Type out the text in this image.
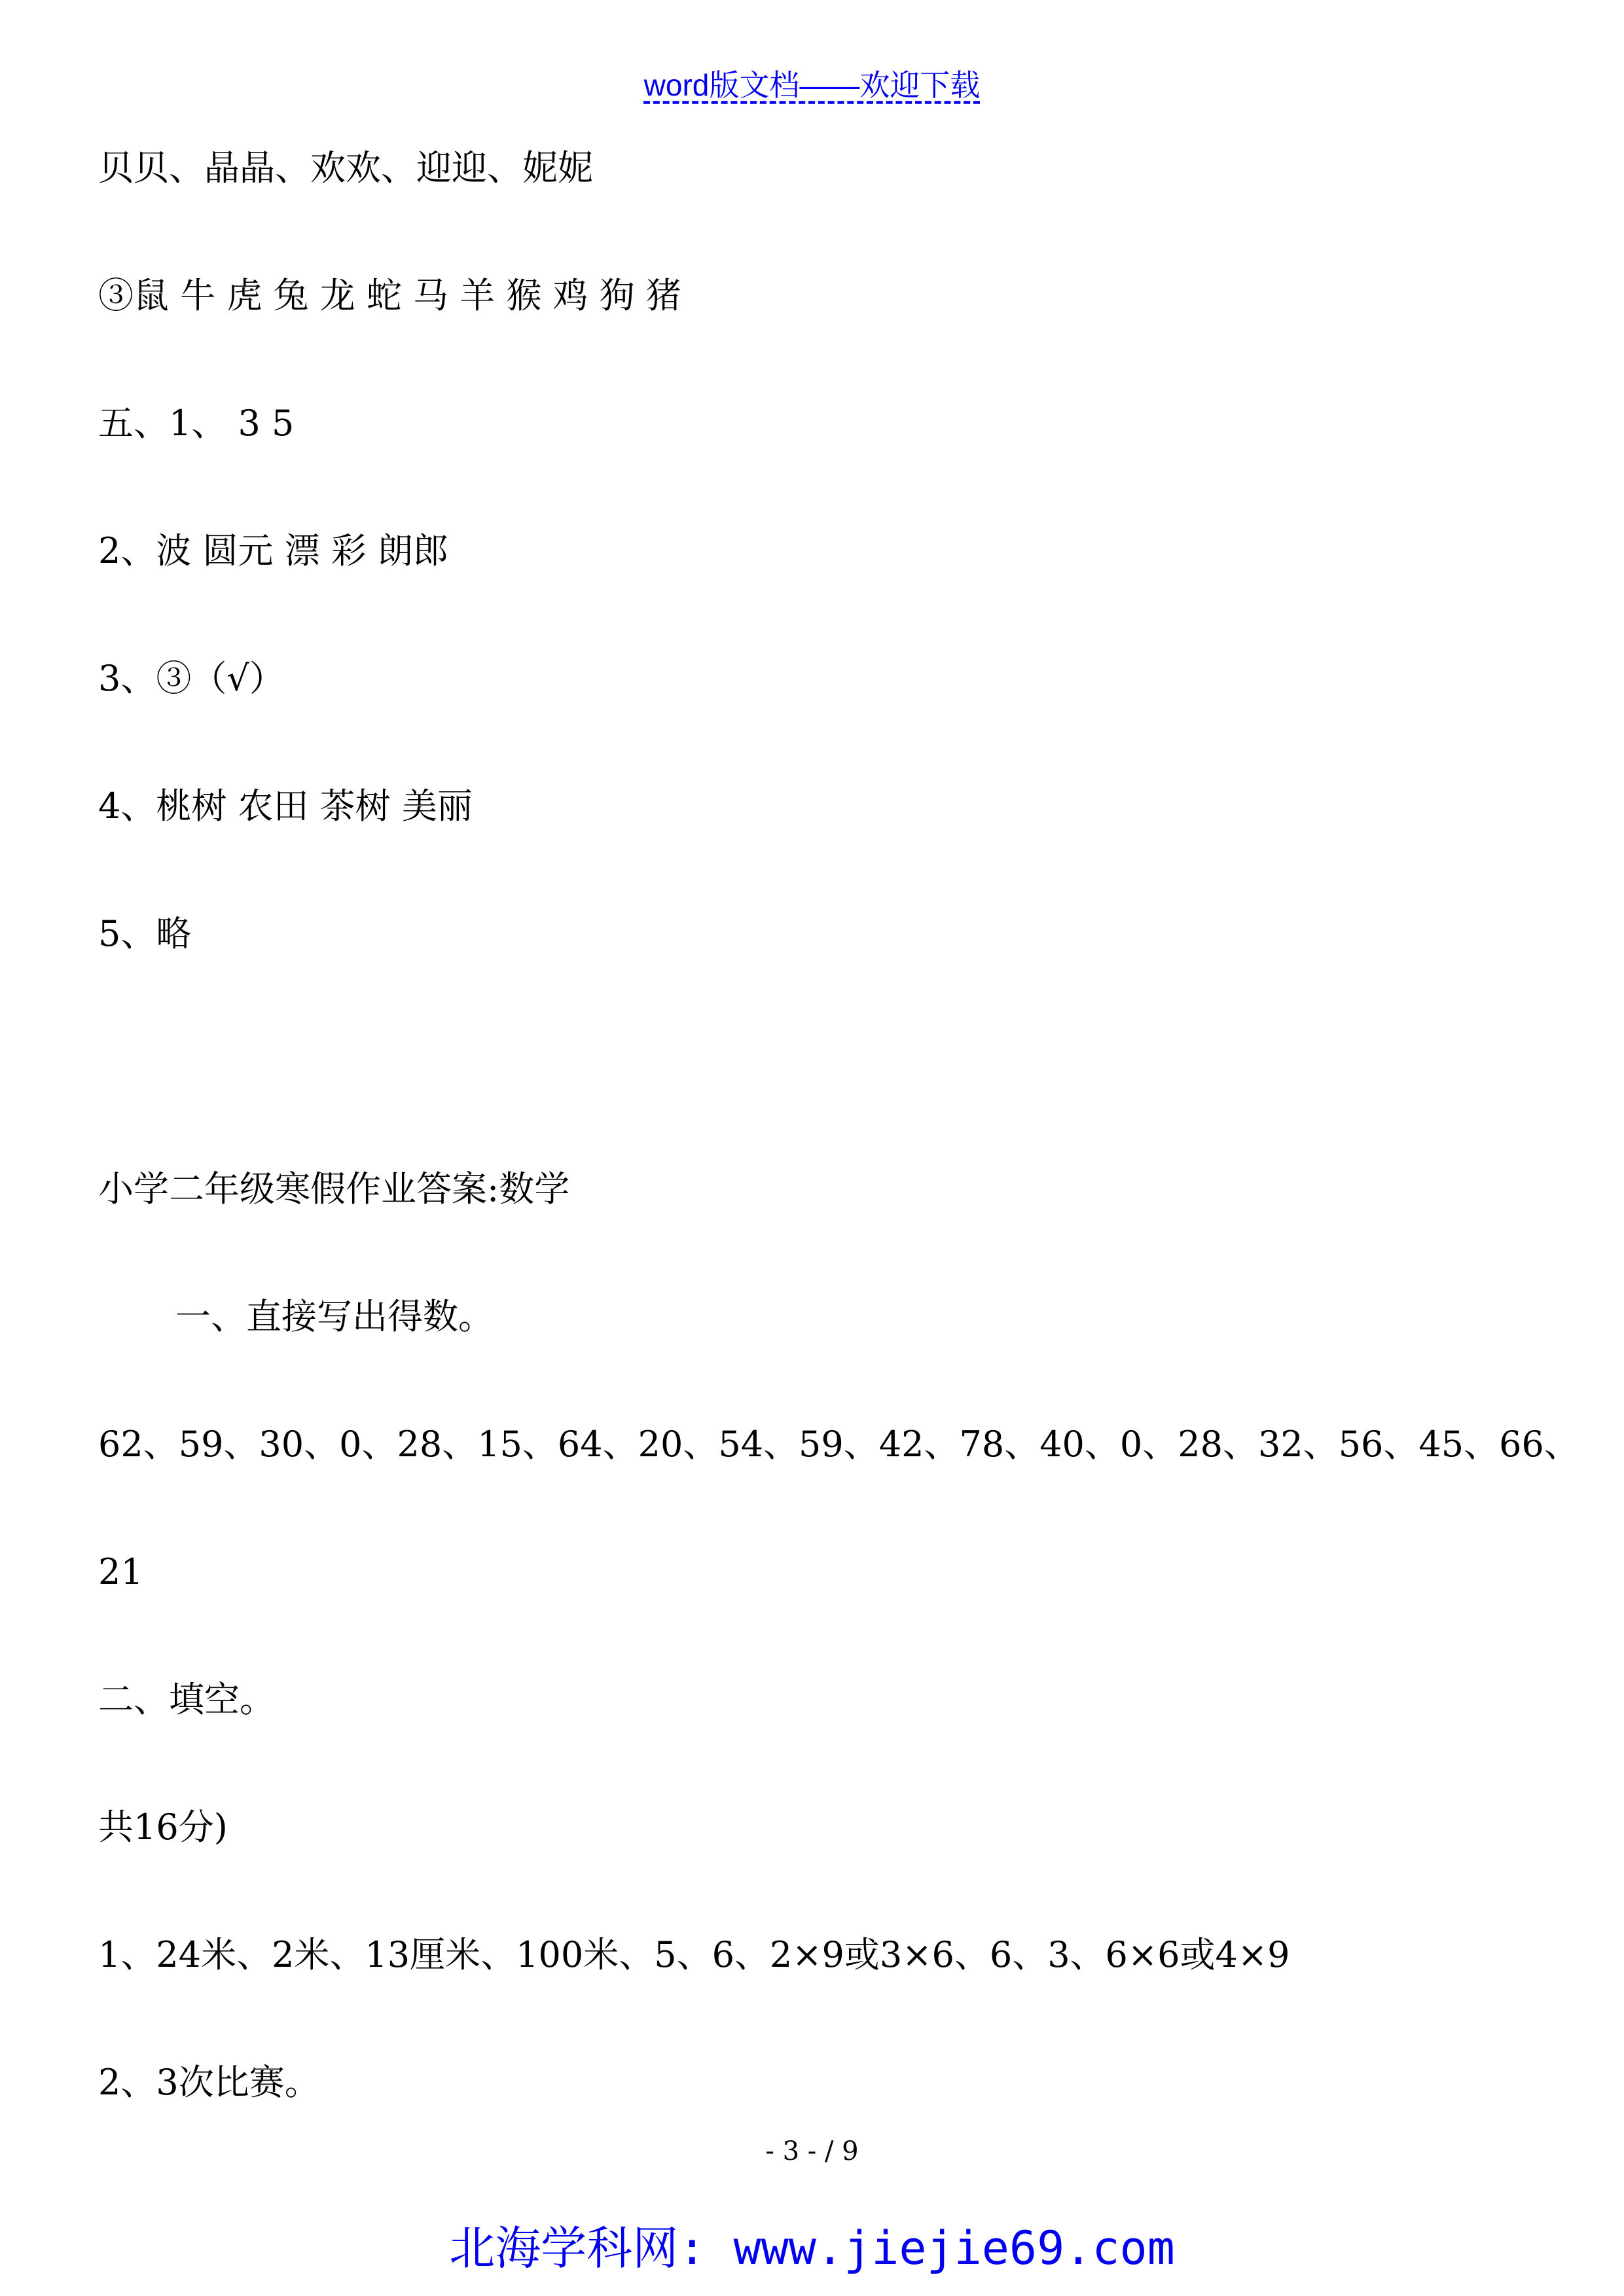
word版文档——欢迎下载
贝贝、晶晶、欢欢、迎迎、妮妮
③鼠 牛 虎 兔 龙 蛇 马 羊 猴 鸡 狗 猪
五、1、 3 5
2、波 圆元 漂 彩 朗郎
3、③（√）
4、桃树 农田 茶树 美丽
5、略
小学二年级寒假作业答案:数学
一、直接写出得数。
62、59、30、0、28、15、64、20、54、59、42、78、40、0、28、32、56、45、66、
21
二、填空。
共16分)
1、24米、2米、13厘米、100米、5、6、2×9或3×6、6、3、6×6或4×9
2、3次比赛。
- 3 - / 9
北海学科网: www.jiejie69.com
